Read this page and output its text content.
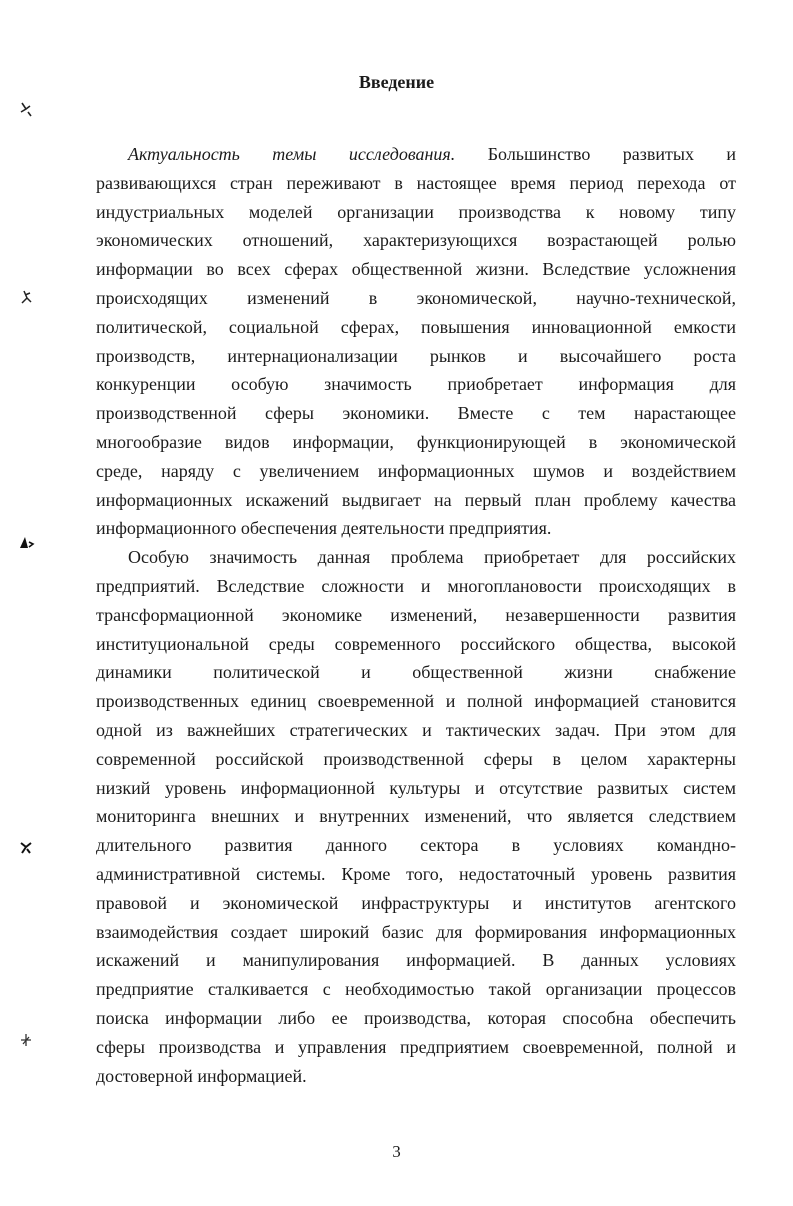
Введение
Актуальность темы исследования. Большинство развитых и
развивающихся стран переживают в настоящее время период перехода от
индустриальных моделей организации производства к новому типу
экономических отношений, характеризующихся возрастающей ролью
информации во всех сферах общественной жизни. Вследствие усложнения
происходящих изменений в экономической, научно-технической,
политической, социальной сферах, повышения инновационной емкости
производств, интернационализации рынков и высочайшего роста
конкуренции особую значимость приобретает информация для
производственной сферы экономики. Вместе с тем нарастающее
многообразие видов информации, функционирующей в экономической
среде, наряду с увеличением информационных шумов и воздействием
информационных искажений выдвигает на первый план проблему качества
информационного обеспечения деятельности предприятия.
Особую значимость данная проблема приобретает для российских
предприятий. Вследствие сложности и многоплановости происходящих в
трансформационной экономике изменений, незавершенности развития
институциональной среды современного российского общества, высокой
динамики политической и общественной жизни снабжение
производственных единиц своевременной и полной информацией становится
одной из важнейших стратегических и тактических задач. При этом для
современной российской производственной сферы в целом характерны
низкий уровень информационной культуры и отсутствие развитых систем
мониторинга внешних и внутренних изменений, что является следствием
длительного развития данного сектора в условиях командно-
административной системы. Кроме того, недостаточный уровень развития
правовой и экономической инфраструктуры и институтов агентского
взаимодействия создает широкий базис для формирования информационных
искажений и манипулирования информацией. В данных условиях
предприятие сталкивается с необходимостью такой организации процессов
поиска информации либо ее производства, которая способна обеспечить
сферы производства и управления предприятием своевременной, полной и
достоверной информацией.
3
